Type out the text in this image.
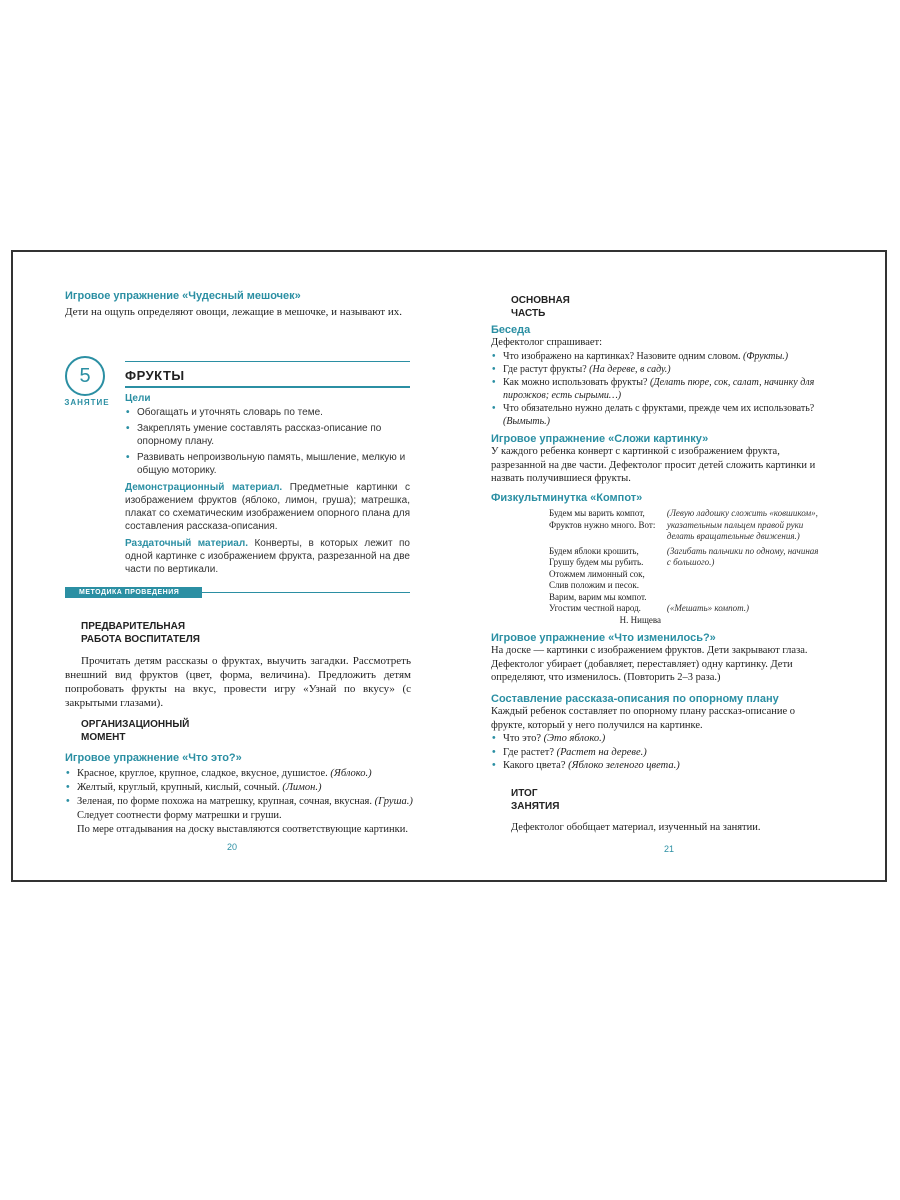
Игровое упражнение «Чудесный мешочек»

Дети на ощупь определяют овощи, лежащие в мешочке, и называют их.

5
ЗАНЯТИЕ
ФРУКТЫ

Цели

• Обогащать и уточнять словарь по теме.
• Закреплять умение составлять рассказ-описание по опорному плану.
• Развивать непроизвольную память, мышление, мелкую и общую моторику.

Демонстрационный материал. Предметные картинки с изображением фруктов (яблоко, лимон, груша); матрешка, плакат со схематическим изображением опорного плана для составления рассказа-описания.

Раздаточный материал. Конверты, в которых лежит по одной картинке с изображением фрукта, разрезанной на две части по вертикали.

МЕТОДИКА ПРОВЕДЕНИЯ

ПРЕДВАРИТЕЛЬНАЯ
РАБОТА ВОСПИТАТЕЛЯ

Прочитать детям рассказы о фруктах, выучить загадки. Рассмотреть внешний вид фруктов (цвет, форма, величина). Предложить детям попробовать фрукты на вкус, провести игру «Узнай по вкусу» (с закрытыми глазами).

ОРГАНИЗАЦИОННЫЙ
МОМЕНТ

Игровое упражнение «Что это?»

• Красное, круглое, крупное, сладкое, вкусное, душистое. (Яблоко.)
• Желтый, круглый, крупный, кислый, сочный. (Лимон.)
• Зеленая, по форме похожа на матрешку, крупная, сочная, вкусная. (Груша.)

Следует соотнести форму матрешки и груши.

По мере отгадывания на доску выставляются соответствующие картинки.

20

ОСНОВНАЯ
ЧАСТЬ

Беседа

Дефектолог спрашивает:

• Что изображено на картинках? Назовите одним словом. (Фрукты.)
• Где растут фрукты? (На дереве, в саду.)
• Как можно использовать фрукты? (Делать пюре, сок, салат, начинку для пирожков; есть сырыми…)
• Что обязательно нужно делать с фруктами, прежде чем их использовать? (Вымыть.)

Игровое упражнение «Сложи картинку»

У каждого ребенка конверт с картинкой с изображением фрукта, разрезанной на две части. Дефектолог просит детей сложить картинки и назвать получившиеся фрукты.

Физкультминутка «Компот»

Будем мы варить компот,	(Левую ладошку сложить «ковшиком»,
Фруктов нужно много. Вот:	указательным пальцем правой руки
делать вращательные движения.)
Будем яблоки крошить,	(Загибать пальчики по одному, начиная
Грушу будем мы рубить.	с большого.)
Отожмем лимонный сок,
Слив положим и песок.
Варим, варим мы компот.
Угостим честной народ.	(«Мешать» компот.)
Н. Нищева

Игровое упражнение «Что изменилось?»

На доске — картинки с изображением фруктов. Дети закрывают глаза. Дефектолог убирает (добавляет, переставляет) одну картинку. Дети определяют, что изменилось. (Повторить 2–3 раза.)

Составление рассказа-описания по опорному плану

Каждый ребенок составляет по опорному плану рассказ-описание о фрукте, который у него получился на картинке.

• Что это? (Это яблоко.)
• Где растет? (Растет на дереве.)
• Какого цвета? (Яблоко зеленого цвета.)

ИТОГ
ЗАНЯТИЯ

Дефектолог обобщает материал, изученный на занятии.

21
